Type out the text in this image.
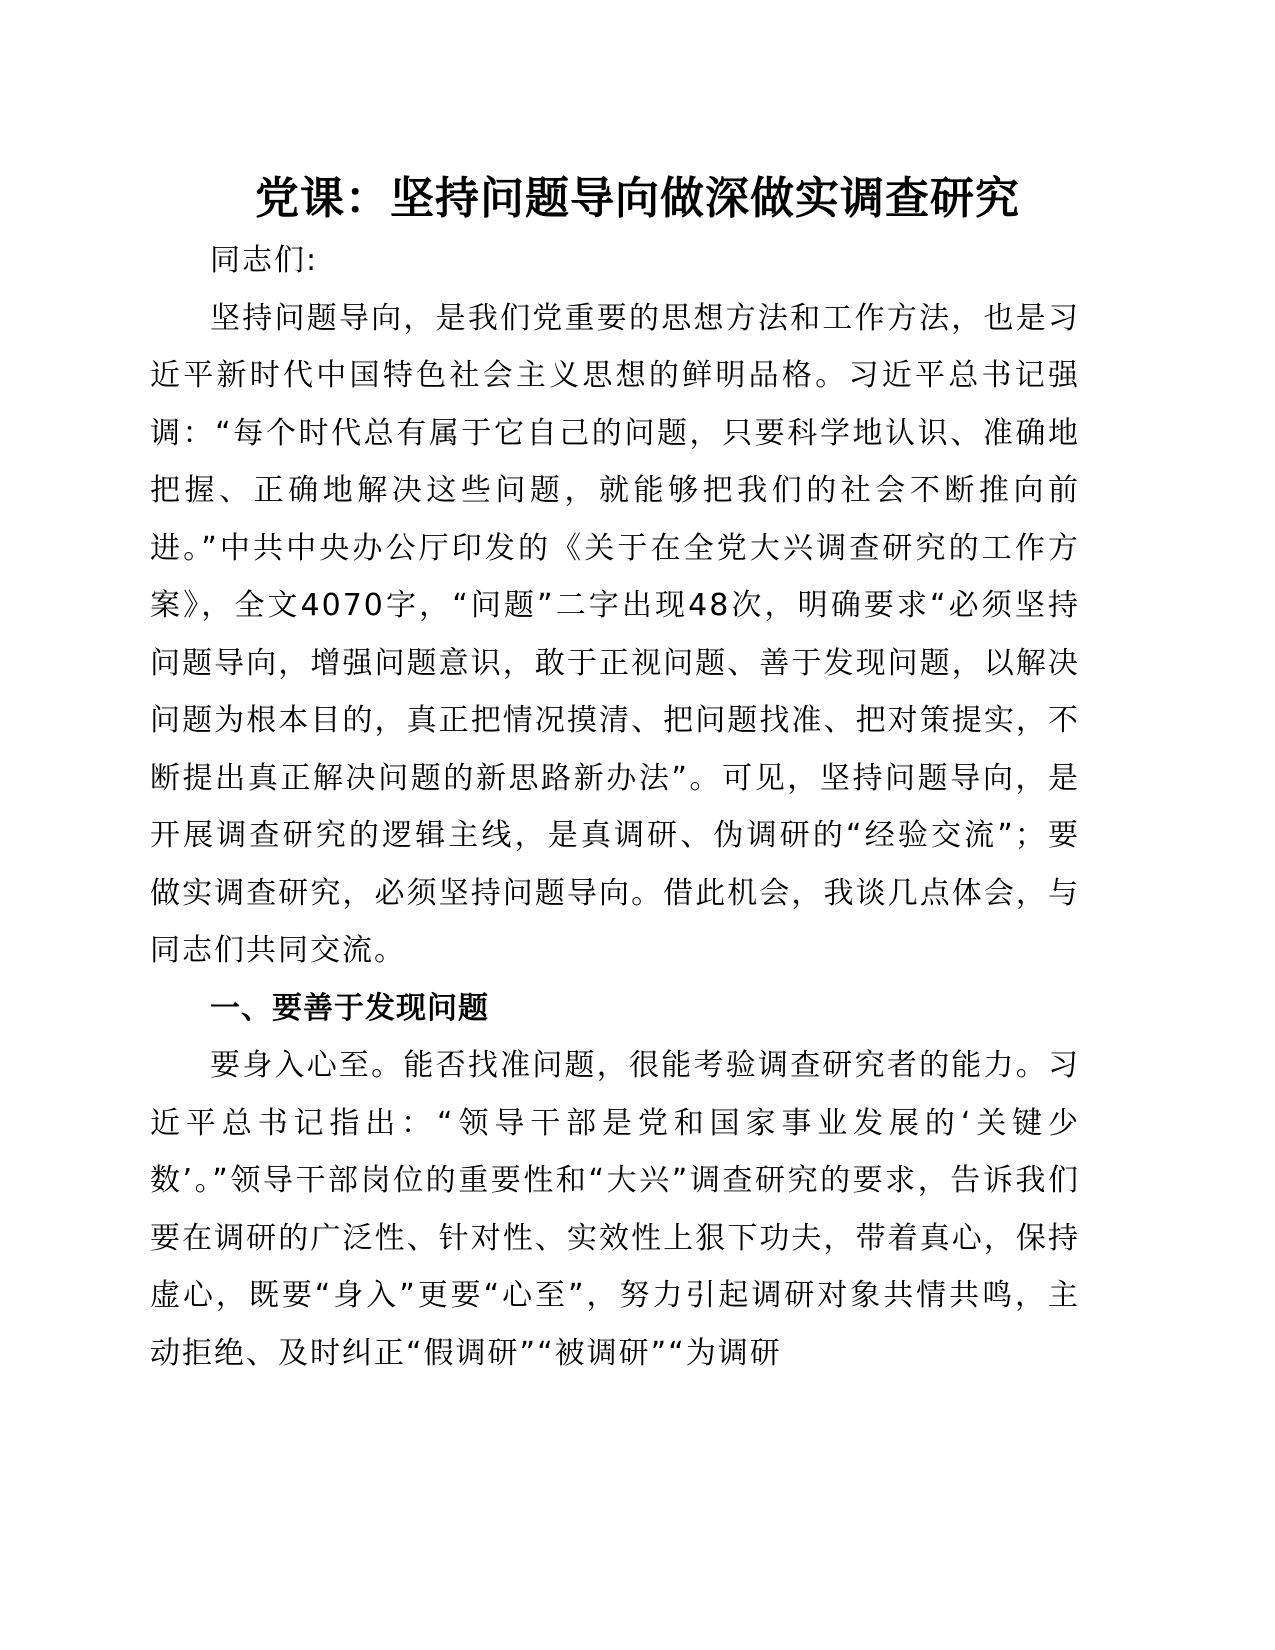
党课：坚持问题导向做深做实调查研究

同志们:

坚持问题导向，是我们党重要的思想方法和工作方法，也是习近平新时代中国特色社会主义思想的鲜明品格。习近平总书记强调：“每个时代总有属于它自己的问题，只要科学地认识、准确地把握、正确地解决这些问题，就能够把我们的社会不断推向前进。”中共中央办公厅印发的《关于在全党大兴调查研究的工作方案》，全文4070字，“问题”二字出现48次，明确要求“必须坚持问题导向，增强问题意识，敢于正视问题、善于发现问题，以解决问题为根本目的，真正把情况摸清、把问题找准、把对策提实，不断提出真正解决问题的新思路新办法”。可见，坚持问题导向，是开展调查研究的逻辑主线，是真调研、伪调研的“经验交流”；要做实调查研究，必须坚持问题导向。借此机会，我谈几点体会，与同志们共同交流。

一、要善于发现问题

要身入心至。能否找准问题，很能考验调查研究者的能力。习近平总书记指出：“领导干部是党和国家事业发展的‘关键少数’。”领导干部岗位的重要性和“大兴”调查研究的要求，告诉我们要在调研的广泛性、针对性、实效性上狠下功夫，带着真心，保持虚心，既要“身入”更要“心至”，努力引起调研对象共情共鸣，主动拒绝、及时纠正“假调研”“被调研”“为调研
